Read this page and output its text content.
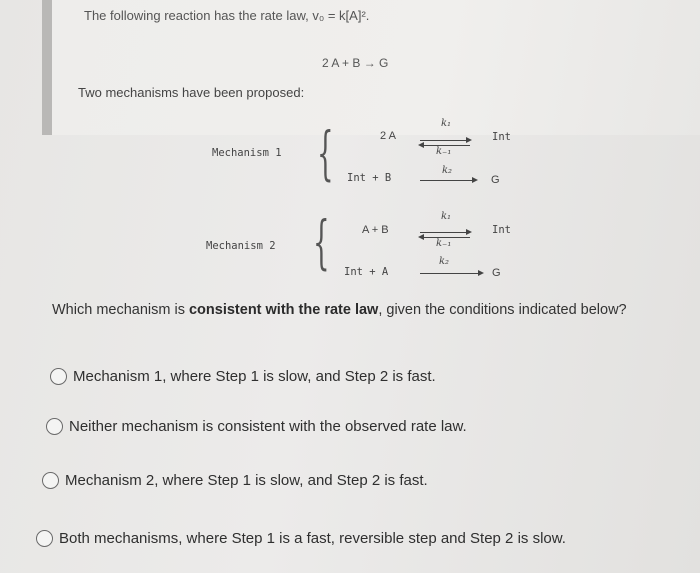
The following reaction has the rate law, v₀ = k[A]².
2 A + B → G
Two mechanisms have been proposed:
Mechanism 1 {	2 A
k₁
k₋₁
Int
k₂
Int + B	G
Mechanism 2 {	A + B
k₁
k₋₁
Int
k₂
Int + A	G
Which mechanism is consistent with the rate law, given the conditions indicated below?
Mechanism 1, where Step 1 is slow, and Step 2 is fast.
Neither mechanism is consistent with the observed rate law.
Mechanism 2, where Step 1 is slow, and Step 2 is fast.
Both mechanisms, where Step 1 is a fast, reversible step and Step 2 is slow.
